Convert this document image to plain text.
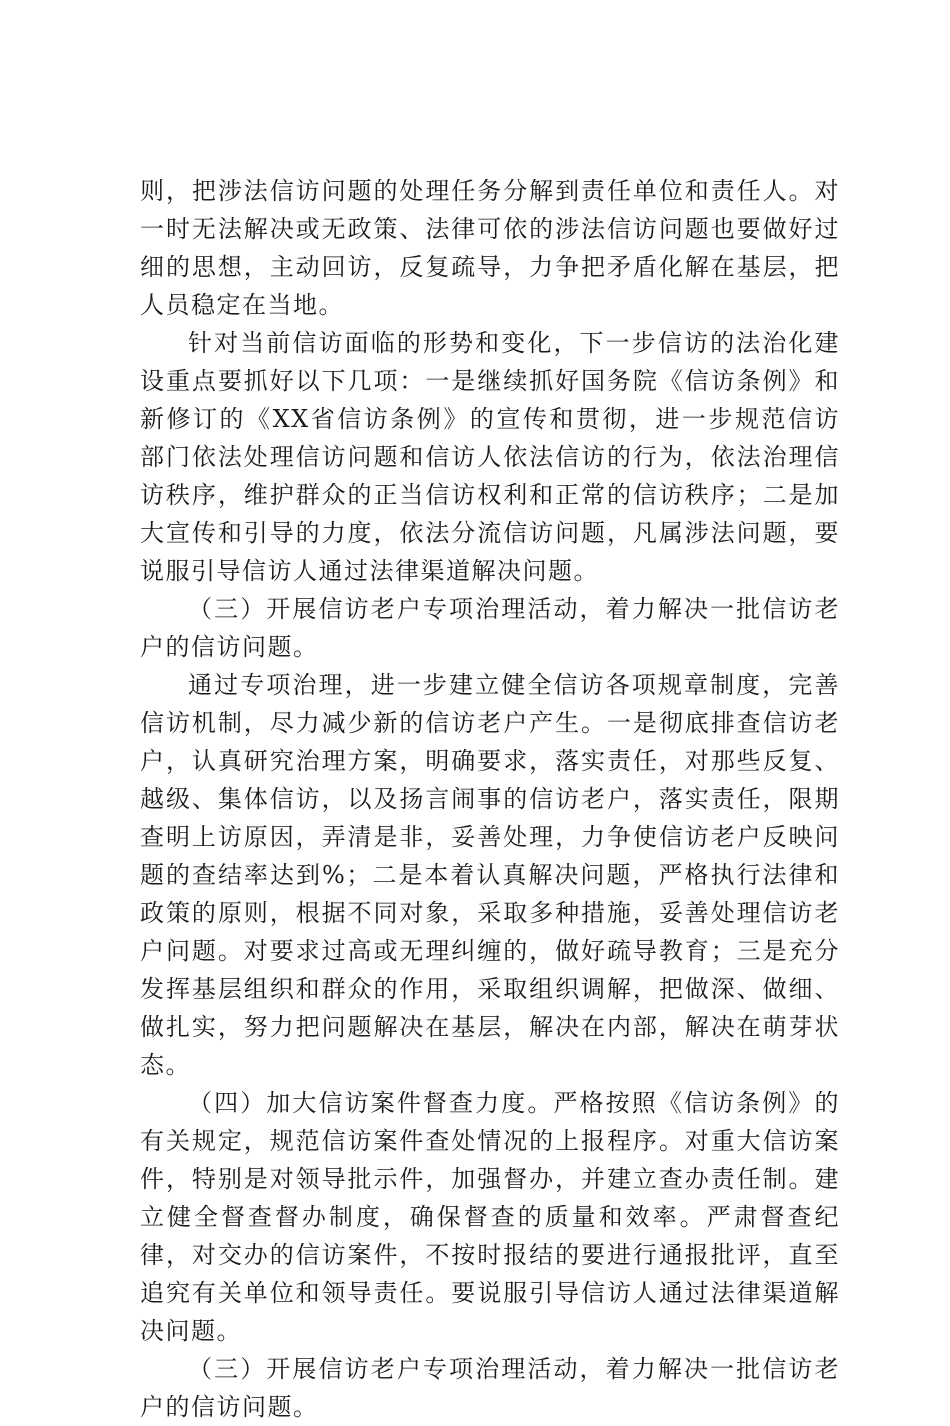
则，把涉法信访问题的处理任务分解到责任单位和责任人。对一时无法解决或无政策、法律可依的涉法信访问题也要做好过细的思想，主动回访，反复疏导，力争把矛盾化解在基层，把人员稳定在当地。

针对当前信访面临的形势和变化，下一步信访的法治化建设重点要抓好以下几项：一是继续抓好国务院《信访条例》和新修订的《XX省信访条例》的宣传和贯彻，进一步规范信访部门依法处理信访问题和信访人依法信访的行为，依法治理信访秩序，维护群众的正当信访权利和正常的信访秩序；二是加大宣传和引导的力度，依法分流信访问题，凡属涉法问题，要说服引导信访人通过法律渠道解决问题。

（三）开展信访老户专项治理活动，着力解决一批信访老户的信访问题。

通过专项治理，进一步建立健全信访各项规章制度，完善信访机制，尽力减少新的信访老户产生。一是彻底排查信访老户，认真研究治理方案，明确要求，落实责任，对那些反复、越级、集体信访，以及扬言闹事的信访老户，落实责任，限期查明上访原因，弄清是非，妥善处理，力争使信访老户反映问题的查结率达到%；二是本着认真解决问题，严格执行法律和政策的原则，根据不同对象，采取多种措施，妥善处理信访老户问题。对要求过高或无理纠缠的，做好疏导教育；三是充分发挥基层组织和群众的作用，采取组织调解，把做深、做细、做扎实，努力把问题解决在基层，解决在内部，解决在萌芽状态。

（四）加大信访案件督查力度。严格按照《信访条例》的有关规定，规范信访案件查处情况的上报程序。对重大信访案件，特别是对领导批示件，加强督办，并建立查办责任制。建立健全督查督办制度，确保督查的质量和效率。严肃督查纪律，对交办的信访案件，不按时报结的要进行通报批评，直至追究有关单位和领导责任。要说服引导信访人通过法律渠道解决问题。

（三）开展信访老户专项治理活动，着力解决一批信访老户的信访问题。
